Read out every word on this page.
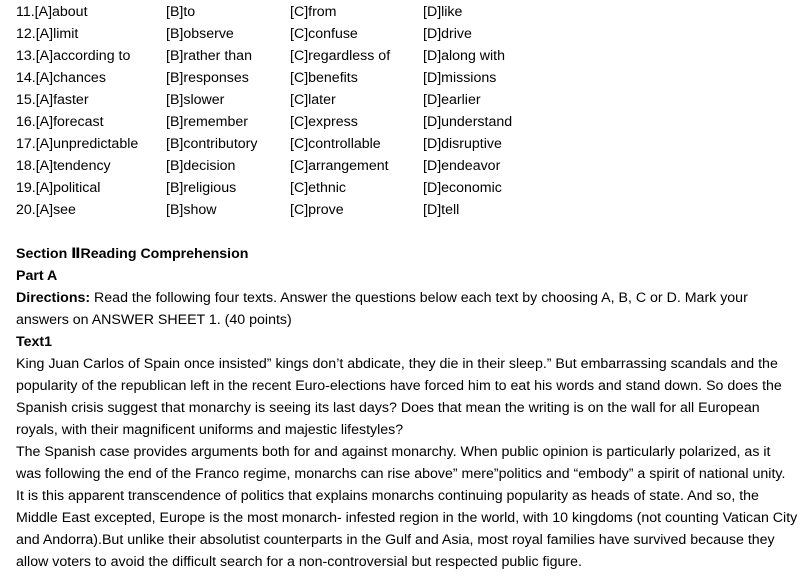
11.[A]about	[B]to	[C]from	[D]like
12.[A]limit	[B]observe	[C]confuse	[D]drive
13.[A]according to	[B]rather than	[C]regardless of [D]along with
14.[A]chances	[B]responses	[C]benefits	[D]missions
15.[A]faster	[B]slower	[C]later	[D]earlier
16.[A]forecast	[B]remember	[C]express	[D]understand
17.[A]unpredictable [B]contributory [C]controllable	[D]disruptive
18.[A]tendency	[B]decision	[C]arrangement [D]endeavor
19.[A]political	[B]religious	[C]ethnic	[D]economic
20.[A]see	[B]show	[C]prove	[D]tell
Section ⅡReading Comprehension
Part A

Directions: Read the following four texts. Answer the questions below each text by choosing A, B, C or D. Mark your
answers on ANSWER SHEET 1. (40 points)

Text1

King Juan Carlos of Spain once insisted” kings don’t abdicate, they die in their sleep.” But embarrassing scandals and the
popularity of the republican left in the recent Euro-elections have forced him to eat his words and stand down. So does the
Spanish crisis suggest that monarchy is seeing its last days? Does that mean the writing is on the wall for all European
royals, with their magnificent uniforms and majestic lifestyles?

The Spanish case provides arguments both for and against monarchy. When public opinion is particularly polarized, as it
was following the end of the Franco regime, monarchs can rise above” mere”politics and “embody” a spirit of national unity.
It is this apparent transcendence of politics that explains monarchs continuing popularity as heads of state. And so, the
Middle East excepted, Europe is the most monarch- infested region in the world, with 10 kingdoms (not counting Vatican City
and Andorra).But unlike their absolutist counterparts in the Gulf and Asia, most royal families have survived because they
allow voters to avoid the difficult search for a non-controversial but respected public figure.
